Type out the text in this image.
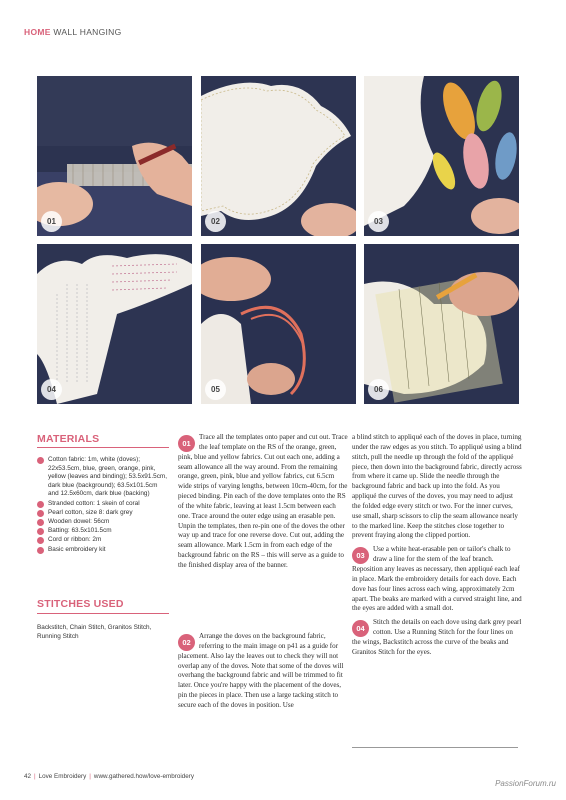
HOME WALL HANGING
01	02	03
04	05	06
MATERIALS
Cotton fabric: 1m, white (doves); 22x53.5cm, blue, green, orange, pink, yellow (leaves and binding); 53.5x91.5cm, dark blue (background); 63.5x101.5cm and 12.5x60cm, dark blue (backing)
Stranded cotton: 1 skein of coral
Pearl cotton, size 8: dark grey
Wooden dowel: 56cm
Batting: 63.5x101.5cm
Cord or ribbon: 2m
Basic embroidery kit
STITCHES USED
Backstitch, Chain Stitch, Granitos Stitch, Running Stitch

01
Trace all the templates onto paper and cut out. Trace the leaf template on the RS of the orange, green, pink, blue and yellow fabrics. Cut out each one, adding a seam allowance all the way around. From the remaining orange, green, pink, blue and yellow fabrics, cut 6.5cm wide strips of varying lengths, between 10cm-40cm, for the pieced binding. Pin each of the dove templates onto the RS of the white fabric, leaving at least 1.5cm between each one. Trace around the outer edge using an erasable pen. Unpin the templates, then re-pin one of the doves the other way up and trace for one reverse dove. Cut out, adding the seam allowance. Mark 1.5cm in from each edge of the background fabric on the RS – this will serve as a guide to the finished display area of the banner.

02
Arrange the doves on the background fabric, referring to the main image on p41 as a guide for placement. Also lay the leaves out to check they will not overlap any of the doves. Note that some of the doves will overhang the background fabric and will be trimmed to fit later. Once you're happy with the placement of the doves, pin the pieces in place. Then use a large tacking stitch to secure each of the doves in position. Use

a blind stitch to appliqué each of the doves in place, turning under the raw edges as you stitch. To appliqué using a blind stitch, pull the needle up through the fold of the appliqué piece, then down into the background fabric, directly across from where it came up. Slide the needle through the background fabric and back up into the fold. As you appliqué the curves of the doves, you may need to adjust the folded edge every stitch or two. For the inner curves, use small, sharp scissors to clip the seam allowance nearly to the marked line. Keep the stitches close together to prevent fraying along the clipped portion.

03
Use a white heat-erasable pen or tailor's chalk to draw a line for the stem of the leaf branch. Reposition any leaves as necessary, then appliqué each leaf in place. Mark the embroidery details for each dove. Each dove has four lines across each wing, approximately 2cm apart. The beaks are marked with a curved straight line, and the eyes are added with a small dot.

04
Stitch the details on each dove using dark grey pearl cotton. Use a Running Stitch for the four lines on the wings, Backstitch across the curve of the beaks and Granitos Stitch for the eyes.

42 | Love Embroidery | www.gathered.how/love-embroidery
PassionForum.ru
